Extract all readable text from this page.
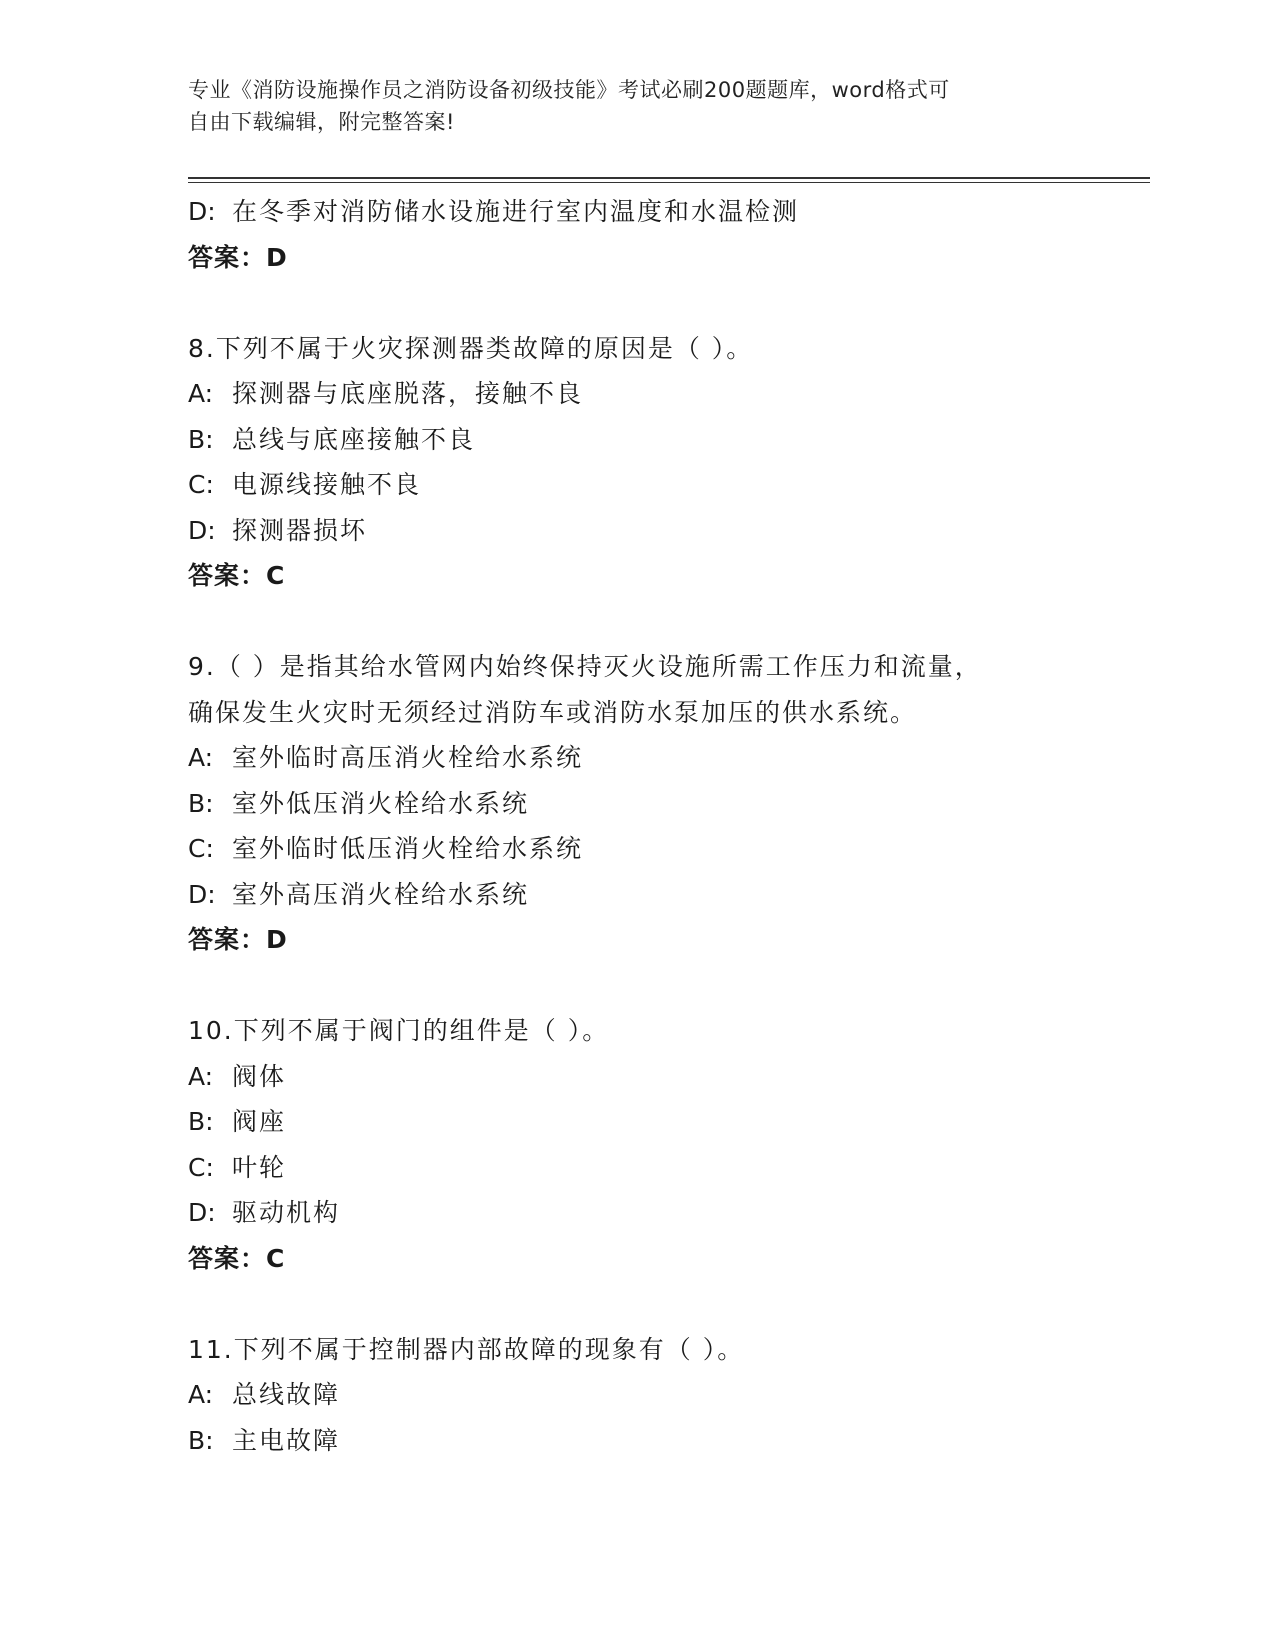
专业《消防设施操作员之消防设备初级技能》考试必刷200题题库，word格式可
自由下载编辑，附完整答案!
D: 在冬季对消防储水设施进行室内温度和水温检测
答案：D
8.下列不属于火灾探测器类故障的原因是（ ）。
A: 探测器与底座脱落，接触不良
B: 总线与底座接触不良
C: 电源线接触不良
D: 探测器损坏
答案：C
9.（ ）是指其给水管网内始终保持灭火设施所需工作压力和流量，
确保发生火灾时无须经过消防车或消防水泵加压的供水系统。
A: 室外临时高压消火栓给水系统
B: 室外低压消火栓给水系统
C: 室外临时低压消火栓给水系统
D: 室外高压消火栓给水系统
答案：D
10.下列不属于阀门的组件是（ ）。
A: 阀体
B: 阀座
C: 叶轮
D: 驱动机构
答案：C
11.下列不属于控制器内部故障的现象有（ ）。
A: 总线故障
B: 主电故障
